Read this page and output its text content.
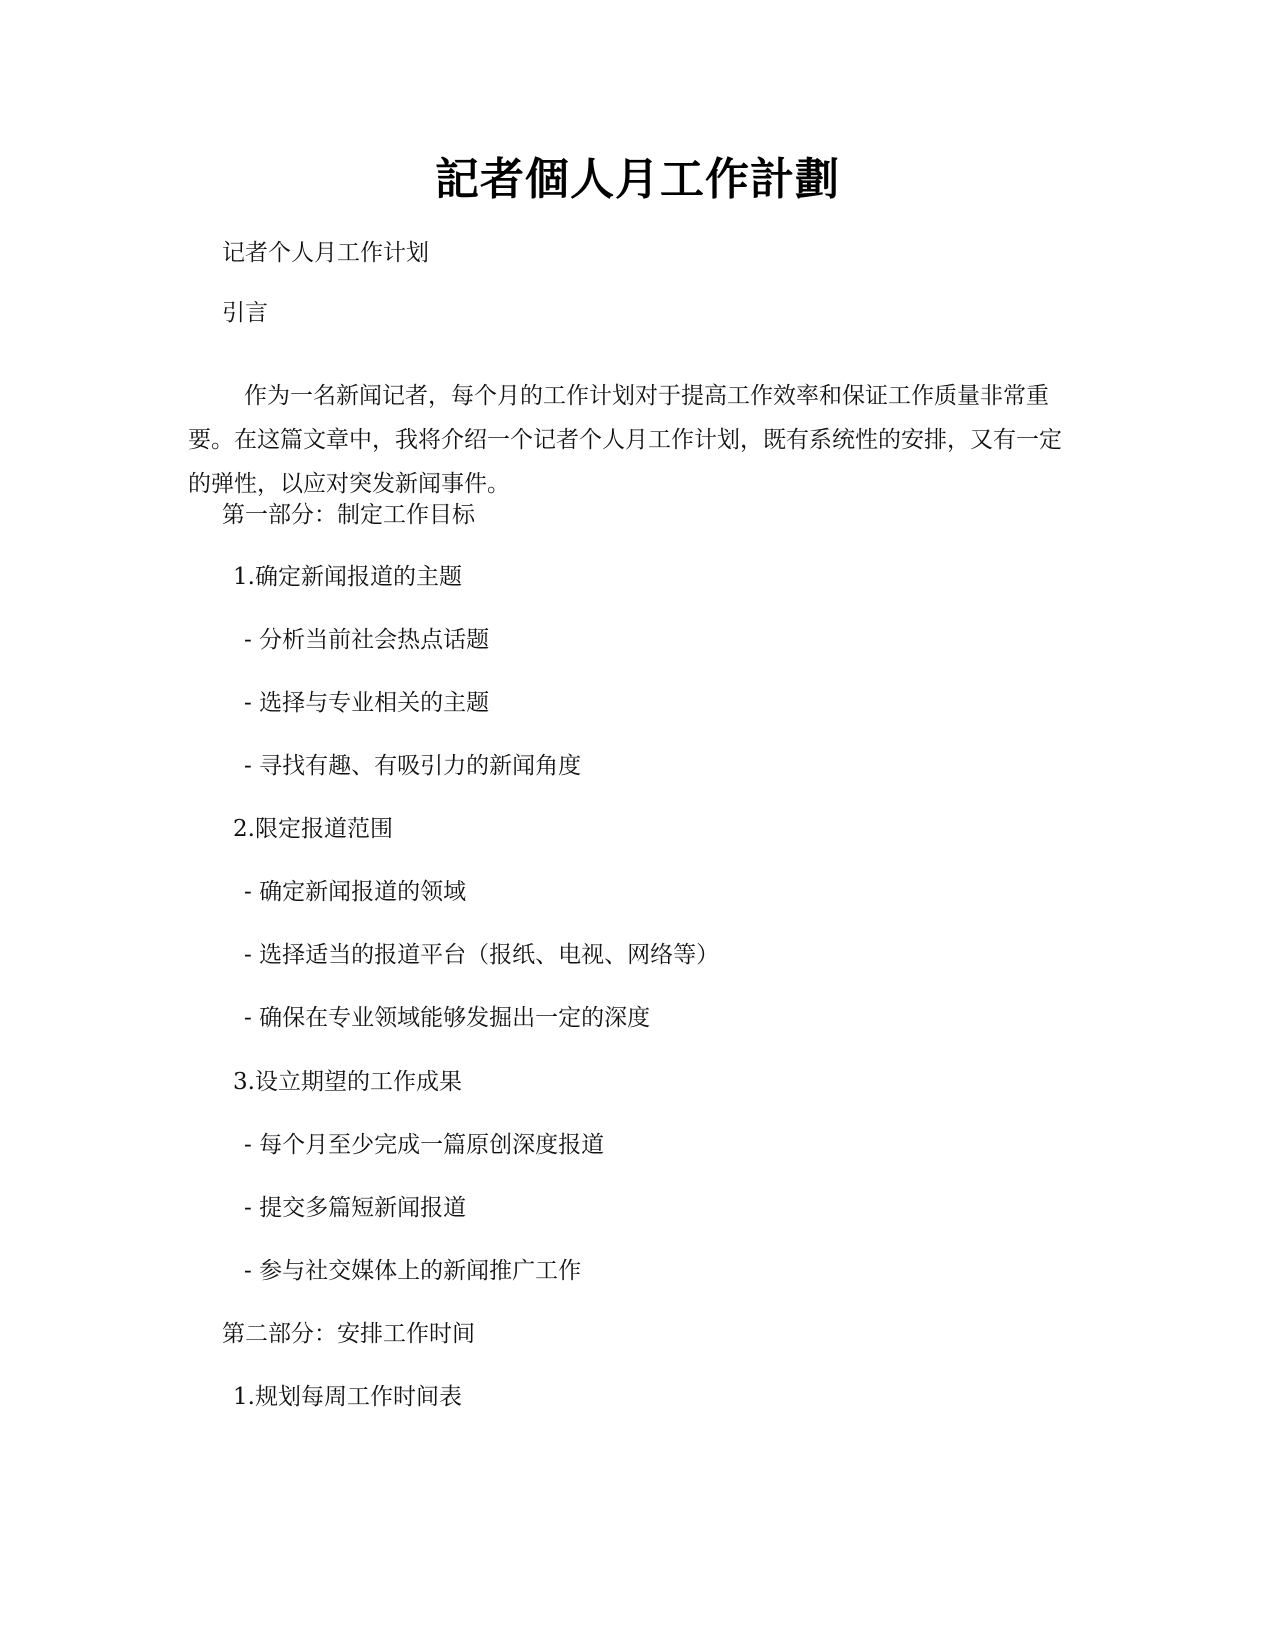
記者個人月工作計劃
记者个人月工作计划
引言
作为一名新闻记者，每个月的工作计划对于提高工作效率和保证工作质量非常重要。在这篇文章中，我将介绍一个记者个人月工作计划，既有系统性的安排，又有一定的弹性，以应对突发新闻事件。
第一部分：制定工作目标
1.确定新闻报道的主题
- 分析当前社会热点话题
- 选择与专业相关的主题
- 寻找有趣、有吸引力的新闻角度
2.限定报道范围
- 确定新闻报道的领域
- 选择适当的报道平台（报纸、电视、网络等）
- 确保在专业领域能够发掘出一定的深度
3.设立期望的工作成果
- 每个月至少完成一篇原创深度报道
- 提交多篇短新闻报道
- 参与社交媒体上的新闻推广工作
第二部分：安排工作时间
1.规划每周工作时间表
